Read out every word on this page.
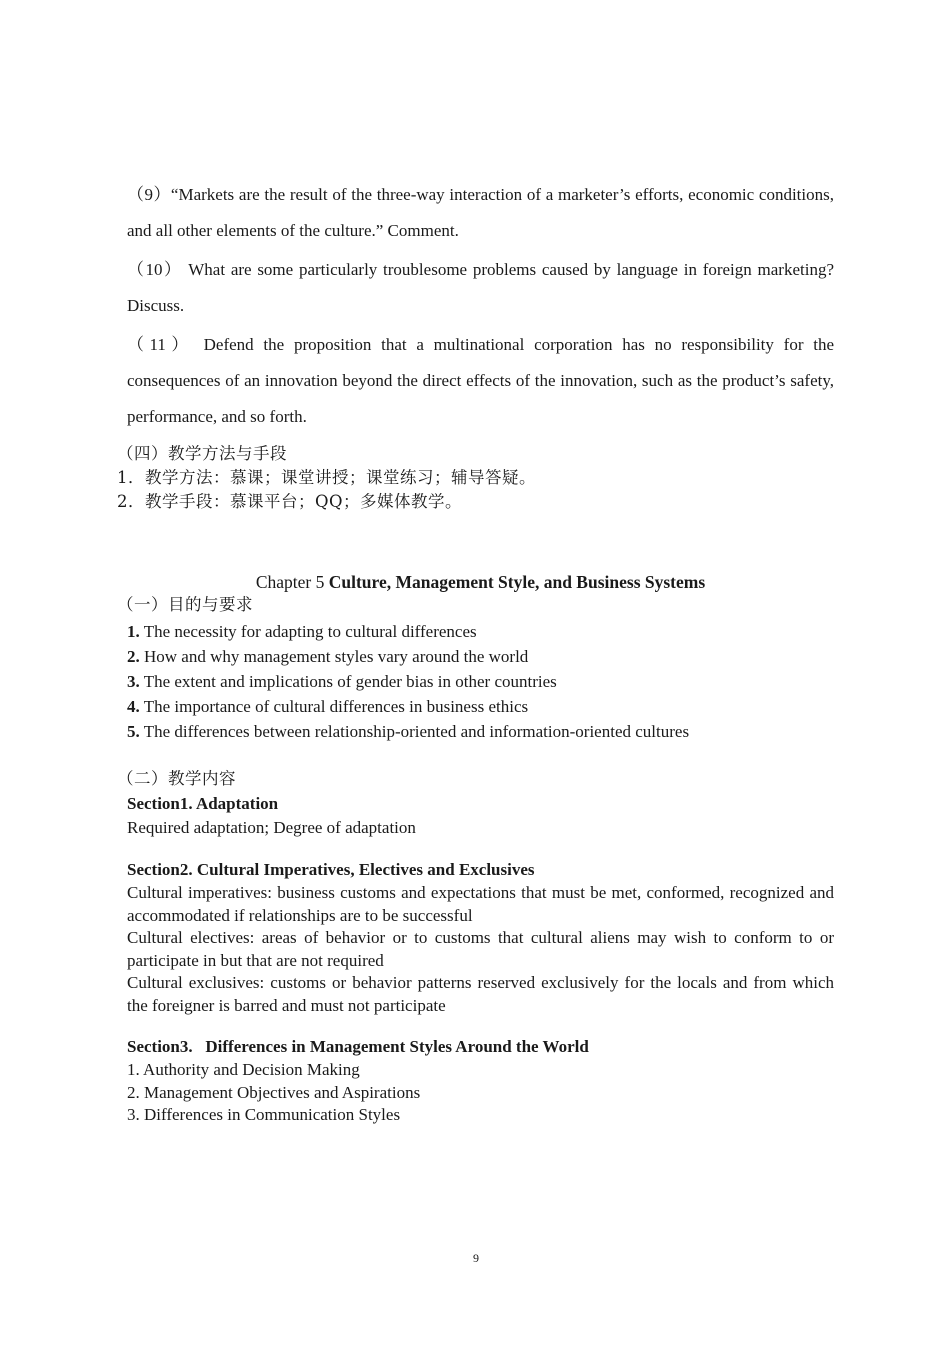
（9）“Markets are the result of the three-way interaction of a marketer’s efforts, economic conditions, and all other elements of the culture.” Comment.
（10） What are some particularly troublesome problems caused by language in foreign marketing? Discuss.
（11） Defend the proposition that a multinational corporation has no responsibility for the consequences of an innovation beyond the direct effects of the innovation, such as the product’s safety, performance, and so forth.
（四）教学方法与手段
1．教学方法：慕课；课堂讲授；课堂练习；辅导答疑。
2．教学手段：慕课平台；QQ；多媒体教学。
Chapter 5 Culture, Management Style, and Business Systems
（一）目的与要求
1. The necessity for adapting to cultural differences
2. How and why management styles vary around the world
3. The extent and implications of gender bias in other countries
4. The importance of cultural differences in business ethics
5. The differences between relationship-oriented and information-oriented cultures
（二）教学内容
Section1. Adaptation
Required adaptation; Degree of adaptation
Section2. Cultural Imperatives, Electives and Exclusives
Cultural imperatives: business customs and expectations that must be met, conformed, recognized and accommodated if relationships are to be successful
Cultural electives: areas of behavior or to customs that cultural aliens may wish to conform to or participate in but that are not required
Cultural exclusives: customs or behavior patterns reserved exclusively for the locals and from which the foreigner is barred and must not participate
Section3.   Differences in Management Styles Around the World
1. Authority and Decision Making
2. Management Objectives and Aspirations
3. Differences in Communication Styles
9
